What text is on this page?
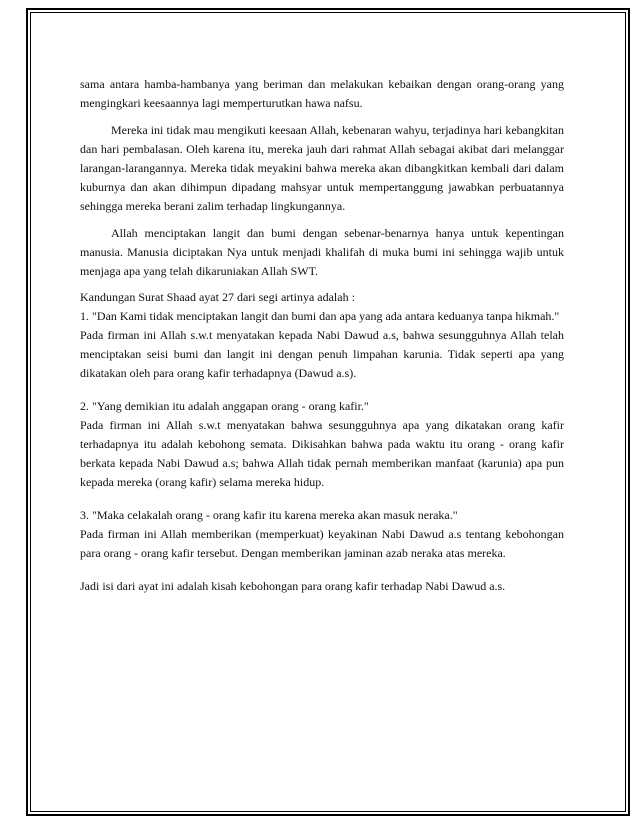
sama antara hamba-hambanya yang beriman dan melakukan kebaikan dengan orang-orang yang mengingkari keesaannya lagi memperturutkan hawa nafsu.

Mereka ini tidak mau mengikuti keesaan Allah, kebenaran wahyu, terjadinya hari kebangkitan dan hari pembalasan. Oleh karena itu, mereka jauh dari rahmat Allah sebagai akibat dari melanggar larangan-larangannya. Mereka tidak meyakini bahwa mereka akan dibangkitkan kembali dari dalam kuburnya dan akan dihimpun dipadang mahsyar untuk mempertanggung jawabkan perbuatannya sehingga mereka berani zalim terhadap lingkungannya.

Allah menciptakan langit dan bumi dengan sebenar-benarnya hanya untuk kepentingan manusia. Manusia diciptakan Nya untuk menjadi khalifah di muka bumi ini sehingga wajib untuk menjaga apa yang telah dikaruniakan Allah SWT.

Kandungan Surat Shaad ayat 27 dari segi artinya adalah :

1. "Dan Kami tidak menciptakan langit dan bumi dan apa yang ada antara keduanya tanpa hikmah."

Pada firman ini Allah s.w.t menyatakan kepada Nabi Dawud a.s, bahwa sesungguhnya Allah telah menciptakan seisi bumi dan langit ini dengan penuh limpahan karunia. Tidak seperti apa yang dikatakan oleh para orang kafir terhadapnya (Dawud a.s).

2. "Yang demikian itu adalah anggapan orang - orang kafir."

Pada firman ini Allah s.w.t menyatakan bahwa sesungguhnya apa yang dikatakan orang kafir terhadapnya itu adalah kebohong semata. Dikisahkan bahwa pada waktu itu orang - orang kafir berkata kepada Nabi Dawud a.s; bahwa Allah tidak pernah memberikan manfaat (karunia) apa pun kepada mereka (orang kafir) selama mereka hidup.

3. "Maka celakalah orang - orang kafir itu karena mereka akan masuk neraka."

Pada firman ini Allah memberikan (memperkuat) keyakinan Nabi Dawud a.s tentang kebohongan para orang - orang kafir tersebut. Dengan memberikan jaminan azab neraka atas mereka.

Jadi isi dari ayat ini adalah kisah kebohongan para orang kafir terhadap Nabi Dawud a.s.
